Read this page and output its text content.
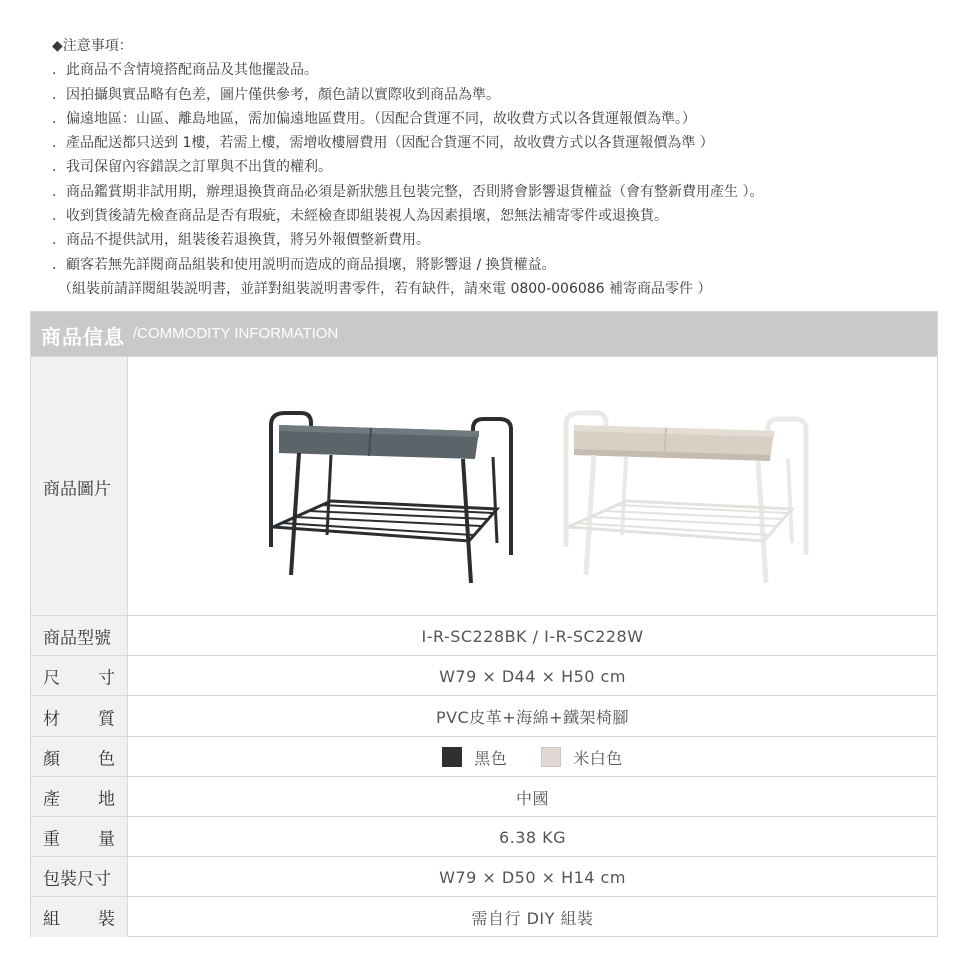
◆注意事項：
. 此商品不含情境搭配商品及其他擺設品。
. 因拍攝與實品略有色差，圖片僅供參考，顏色請以實際收到商品為準。
. 偏遠地區：山區、離島地區，需加偏遠地區費用。（因配合貨運不同，故收費方式以各貨運報價為準。）
. 產品配送都只送到 1樓，若需上樓，需增收樓層費用（因配合貨運不同，故收費方式以各貨運報價為準 ）
. 我司保留內容錯誤之訂單與不出貨的權利。
. 商品鑑賞期非試用期，辦理退換貨商品必須是新狀態且包裝完整，否則將會影響退貨權益（會有整新費用產生 ）。
. 收到貨後請先檢查商品是否有瑕疵，未經檢查即組裝視人為因素損壞，恕無法補寄零件或退換貨。
. 商品不提供試用，組裝後若退換貨，將另外報價整新費用。
. 顧客若無先詳閱商品組裝和使用説明而造成的商品損壞，將影響退 / 換貨權益。
（組裝前請詳閱組裝説明書，並詳對組裝説明書零件，若有缺件，請來電 0800-006086 補寄商品零件 ）
商品信息 /COMMODITY INFORMATION
商品圖片
商品型號	I-R-SC228BK / I-R-SC228W
尺 寸	W79 × D44 × H50 cm
材 質	PVC皮革+海綿+鐵架椅腳
顏 色	黑色	米白色
產 地	中國
重 量	6.38 KG
包裝尺寸	W79 × D50 × H14 cm
組 裝	需自行 DIY 組裝
